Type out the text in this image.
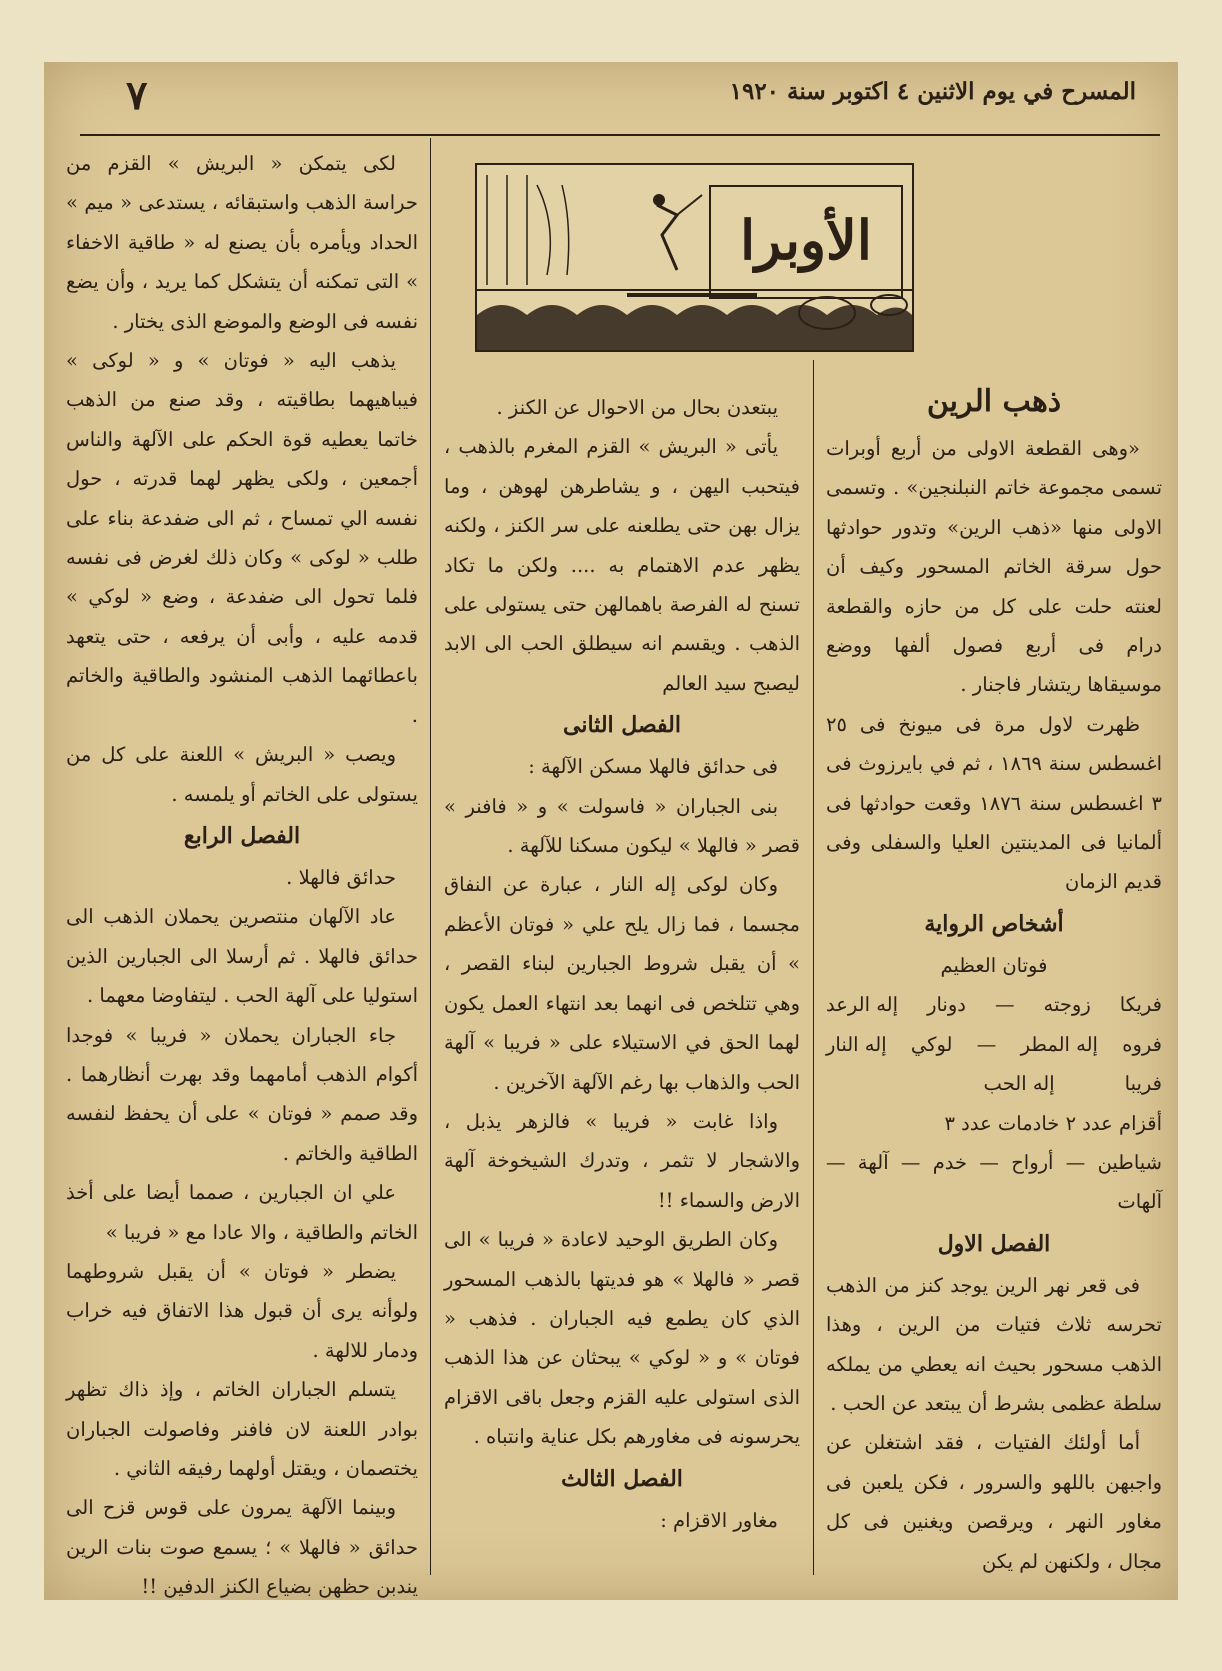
٧	المسرح في يوم الاثنين ٤ اكتوبر سنة ١٩٢٠
الأوبرا
ذهب الرين

«وهى القطعة الاولى من أربع أوبرات تسمى مجموعة خاتم النبلنجين» . وتسمى الاولى منها «ذهب الرين» وتدور حوادثها حول سرقة الخاتم المسحور وكيف أن لعنته حلت على كل من حازه والقطعة درام فى أربع فصول ألفها ووضع موسيقاها ريتشار فاجنار .

ظهرت لاول مرة فى ميونخ فى ٢٥ اغسطس سنة ١٨٦٩ ، ثم في بايرزوث فى ٣ اغسطس سنة ١٨٧٦ وقعت حوادثها فى ألمانيا فى المدينتين العليا والسفلى وفى قديم الزمان

أشخاص الرواية

فوتان العظيم

فريكا
زوجته
—
دونار
إله الرعد
فروه
إله المطر
—
لوكي
إله النار
فريبا
إله الحب

أقزام عدد ٢ خادمات عدد ٣

شياطين — أرواح — خدم — آلهة — آلهات

الفصل الاول

فى قعر نهر الرين يوجد كنز من الذهب تحرسه ثلاث فتيات من الرين ، وهذا الذهب مسحور بحيث انه يعطي من يملكه سلطة عظمى بشرط أن يبتعد عن الحب .

أما أولئك الفتيات ، فقد اشتغلن عن واجبهن باللهو والسرور ، فكن يلعبن فى مغاور النهر ، ويرقصن ويغنين فى كل مجال ، ولكنهن لم يكن

يبتعدن بحال من الاحوال عن الكنز .

يأتى « البريش » القزم المغرم بالذهب ، فيتحبب اليهن ، و يشاطرهن لهوهن ، وما يزال بهن حتى يطلعنه على سر الكنز ، ولكنه يظهر عدم الاهتمام به .... ولكن ما تكاد تسنح له الفرصة باهمالهن حتى يستولى على الذهب . ويقسم انه سيطلق الحب الى الابد ليصبح سيد العالم

الفصل الثانى

فى حدائق فالهلا مسكن الآلهة :

بنى الجباران « فاسولت » و « فافنر » قصر « فالهلا » ليكون مسكنا للآلهة .

وكان لوكى إله النار ، عبارة عن النفاق مجسما ، فما زال يلح علي « فوتان الأعظم » أن يقبل شروط الجبارين لبناء القصر ، وهي تتلخص فى انهما بعد انتهاء العمل يكون لهما الحق في الاستيلاء على « فريبا » آلهة الحب والذهاب بها رغم الآلهة الآخرين .

واذا غابت « فريبا » فالزهر يذبل ، والاشجار لا تثمر ، وتدرك الشيخوخة آلهة الارض والسماء !!

وكان الطريق الوحيد لاعادة « فريبا » الى قصر « فالهلا » هو فديتها بالذهب المسحور الذي كان يطمع فيه الجباران . فذهب « فوتان » و « لوكي » يبحثان عن هذا الذهب الذى استولى عليه القزم وجعل باقى الاقزام يحرسونه فى مغاورهم بكل عناية وانتباه .

الفصل الثالث

مغاور الاقزام :

لكى يتمكن « البريش » القزم من حراسة الذهب واستبقائه ، يستدعى « ميم » الحداد ويأمره بأن يصنع له « طاقية الاخفاء » التى تمكنه أن يتشكل كما يريد ، وأن يضع نفسه فى الوضع والموضع الذى يختار .

يذهب اليه « فوتان » و « لوكى » فيباهيهما بطاقيته ، وقد صنع من الذهب خاتما يعطيه قوة الحكم على الآلهة والناس أجمعين ، ولكى يظهر لهما قدرته ، حول نفسه الي تمساح ، ثم الى ضفدعة بناء على طلب « لوكى » وكان ذلك لغرض فى نفسه فلما تحول الى ضفدعة ، وضع « لوكي » قدمه عليه ، وأبى أن يرفعه ، حتى يتعهد باعطائهما الذهب المنشود والطاقية والخاتم .

ويصب « البريش » اللعنة على كل من يستولى على الخاتم أو يلمسه .

الفصل الرابع

حدائق فالهلا .

عاد الآلهان منتصرين يحملان الذهب الى حدائق فالهلا . ثم أرسلا الى الجبارين الذين استوليا على آلهة الحب . ليتفاوضا معهما .

جاء الجباران يحملان « فريبا » فوجدا أكوام الذهب أمامهما وقد بهرت أنظارهما . وقد صمم « فوتان » على أن يحفظ لنفسه الطاقية والخاتم .

علي ان الجبارين ، صمما أيضا على أخذ الخاتم والطاقية ، والا عادا مع « فريبا »

يضطر « فوتان » أن يقبل شروطهما ولوأنه يرى أن قبول هذا الاتفاق فيه خراب ودمار للالهة .

يتسلم الجباران الخاتم ، وإذ ذاك تظهر بوادر اللعنة لان فافنر وفاصولت الجباران يختصمان ، ويقتل أولهما رفيقه الثاني .

وبينما الآلهة يمرون على قوس قزح الى حدائق « فالهلا » ؛ يسمع صوت بنات الرين يندبن حظهن بضياع الكنز الدفين !!
